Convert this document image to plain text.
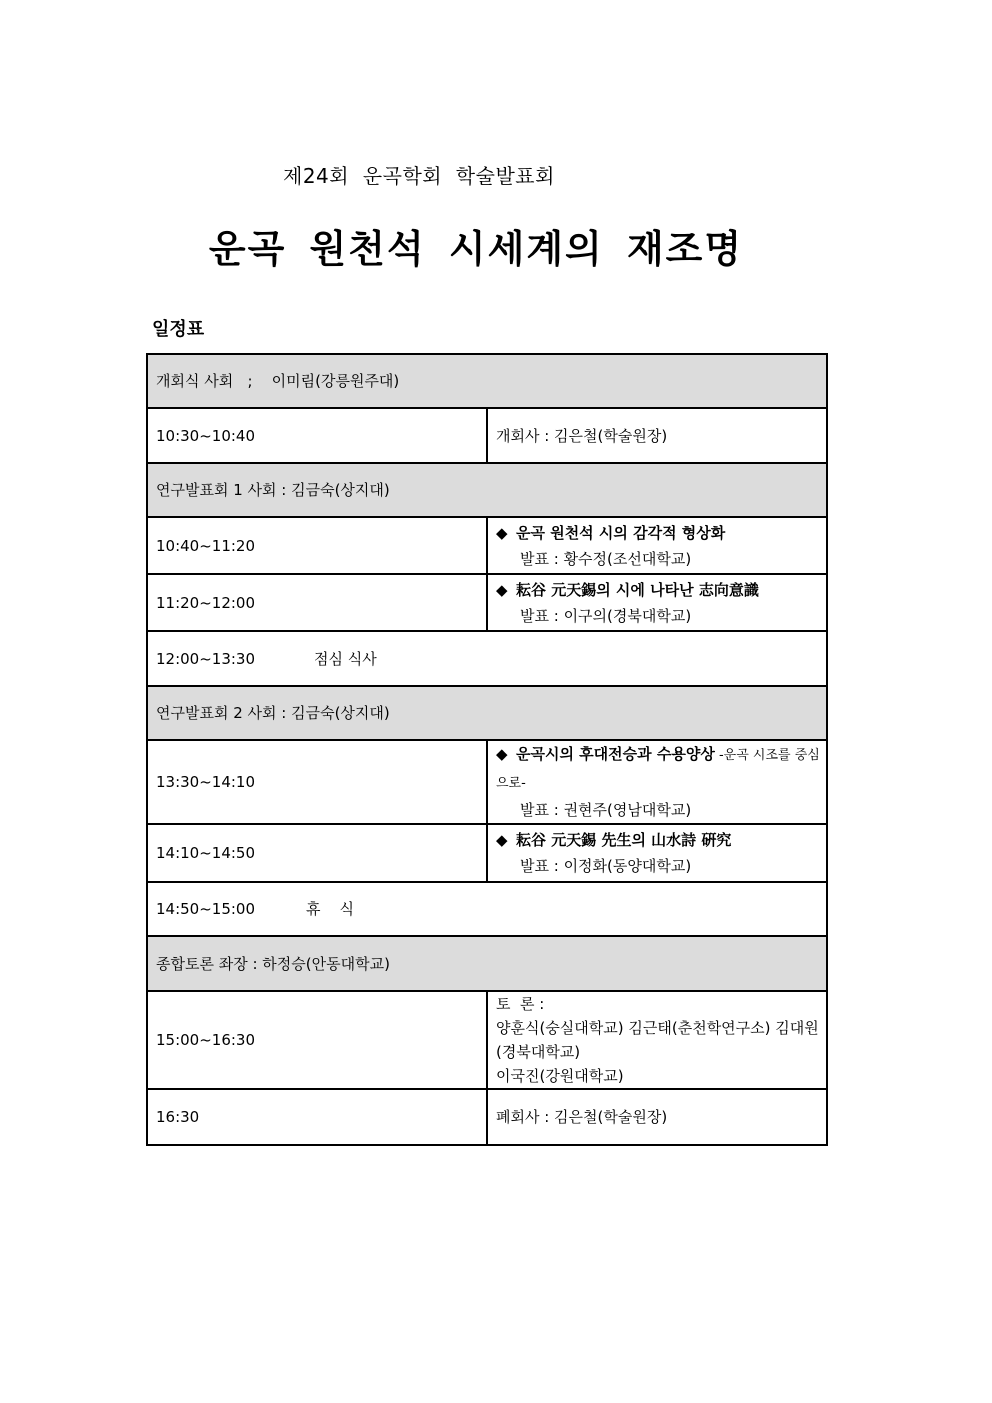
제24회  운곡학회  학술발표회
운곡 원천석 시세계의 재조명
일정표
개회식 사회   ;    이미림(강릉원주대)	
10:30~10:40	개회사 : 김은철(학술원장)
연구발표회 1 사회 : 김금숙(상지대)	
10:40~11:20	◆ 운곡 원천석 시의 감각적 형상화
발표 : 황수정(조선대학교)

11:20~12:00	◆ 耘谷 元天錫의 시에 나타난 志向意識
발표 : 이구의(경북대학교)

12:00~13:30 점심 식사	
연구발표회 2 사회 : 김금숙(상지대)	
13:30~14:10	◆ 운곡시의 후대전승과 수용양상 -운곡 시조를 중심으로-
발표 : 권현주(영남대학교)

14:10~14:50	◆ 耘谷 元天錫 先生의 山水詩 硏究
발표 : 이정화(동양대학교)

14:50~15:00 휴    식	
종합토론 좌장 : 하정승(안동대학교)	
15:00~16:30	토  론 :
양훈식(숭실대학교) 김근태(춘천학연구소) 김대원(경북대학교)
이국진(강원대학교)

16:30	폐회사 : 김은철(학술원장)
